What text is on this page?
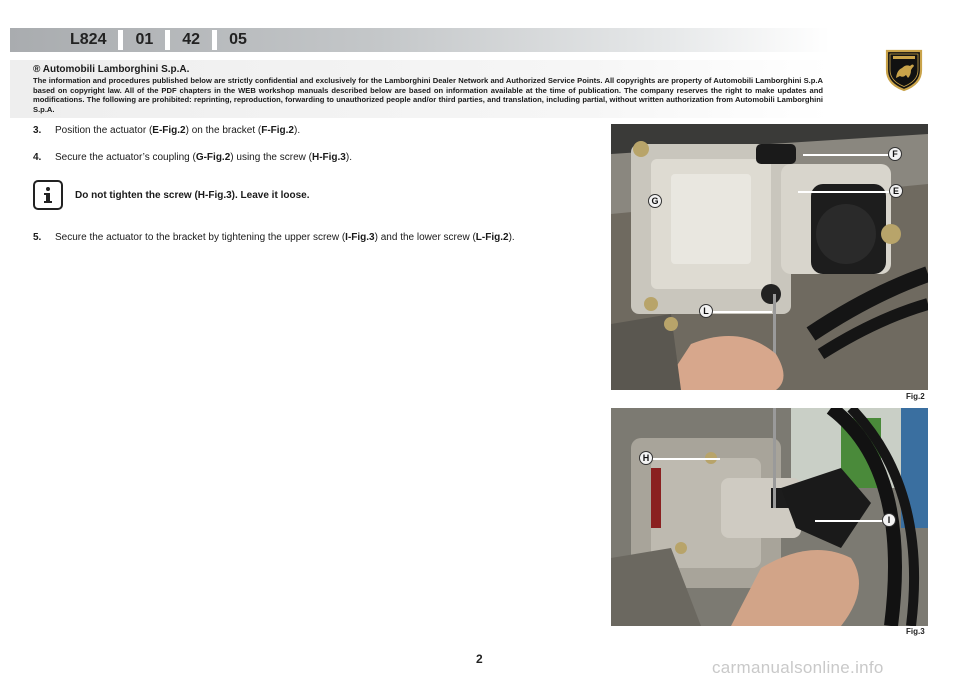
L824 01 42 05
® Automobili Lamborghini S.p.A.
The information and procedures published below are strictly confidential and exclusively for the Lamborghini Dealer Network and Authorized Service Points. All copyrights are property of Automobili Lamborghini S.p.A based on copyright law. All of the PDF chapters in the WEB workshop manuals described below are based on information available at the time of publication. The company reserves the right to make updates and modifications. The following are prohibited: reprinting, reproduction, forwarding to unauthorized people and/or third parties, and translation, including partial, without written authorization from Automobili Lamborghini S.p.A.
3. Position the actuator (E-Fig.2) on the bracket (F-Fig.2).
4. Secure the actuator’s coupling (G-Fig.2) using the screw (H-Fig.3).
Do not tighten the screw (H-Fig.3). Leave it loose.
5. Secure the actuator to the bracket by tightening the upper screw (I-Fig.3) and the lower screw (L-Fig.2).
F
E
G
L
Fig.2
H
I
Fig.3
2	carmanualsonline.info
